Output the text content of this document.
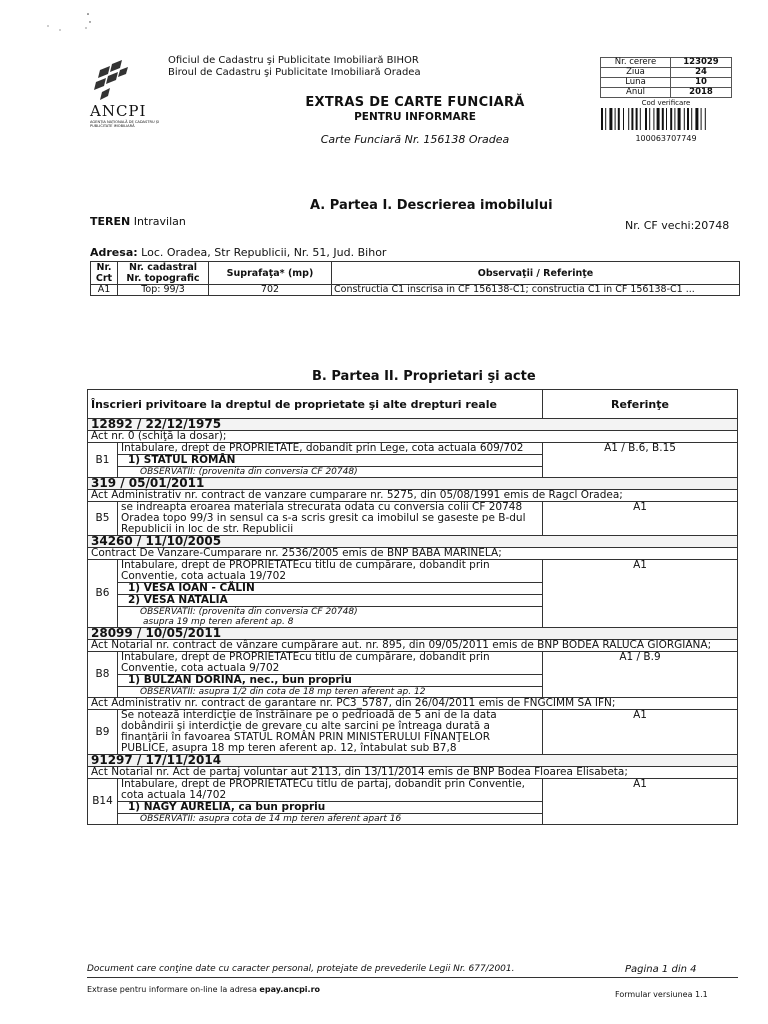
ANCPI
AGENȚIA NAȚIONALĂ DE CADASTRU ȘI PUBLICITATE IMOBILIARĂ
Oficiul de Cadastru şi Publicitate Imobiliară BIHOR
Biroul de Cadastru şi Publicitate Imobiliară Oradea
EXTRAS DE CARTE FUNCIARĂ
PENTRU INFORMARE
Carte Funciară Nr. 156138 Oradea
Nr. cerere	123029
Ziua	24
Luna	10
Anul	2018
Cod verificare
100063707749
A. Partea I. Descrierea imobilului
TEREN Intravilan	Nr. CF vechi:20748
Adresa: Loc. Oradea, Str Republicii, Nr. 51, Jud. Bihor
Nr. Crt	Nr. cadastral Nr. topografic	Suprafaţa* (mp)	Observaţii / Referinţe
A1	Top: 99/3	702	Constructia C1 inscrisa in CF 156138-C1; constructia C1 in CF 156138-C1 ...
B. Partea II. Proprietari şi acte
Înscrieri privitoare la dreptul de proprietate şi alte drepturi reale		Referinţe
12892 / 22/12/1975		
Act nr. 0 (schiţă la dosar);		
B1	Intabulare, drept de PROPRIETATE, dobandit prin Lege, cota actuala 609/702
1) STATUL ROMÂN
OBSERVATII: (provenita din conversia CF 20748)	A1 / B.6, B.15
319 / 05/01/2011		
Act Administrativ nr. contract de vanzare cumparare nr. 5275, din 05/08/1991 emis de Ragcl Oradea;		
B5	se indreapta eroarea materiala strecurata odata cu conversia colii CF 20748 Oradea topo 99/3 in sensul ca s-a scris gresit ca imobilul se gaseste pe B-dul Republicii in loc de str. Republicii	A1
34260 / 11/10/2005		
Contract De Vanzare-Cumparare nr. 2536/2005 emis de BNP BABA MARINELA;		
B6	Intabulare, drept de PROPRIETATEcu titlu de cumpărare, dobandit prin Conventie, cota actuala 19/702
1) VESA IOAN - CĂLIN
2) VESA NATALIA
OBSERVATII: (provenita din conversia CF 20748)
asupra 19 mp teren aferent ap. 8	A1
28099 / 10/05/2011		
Act Notarial nr. contract de vânzare cumpărare aut. nr. 895, din 09/05/2011 emis de BNP BODEA RALUCA GIORGIANA;		
B8	Intabulare, drept de PROPRIETATEcu titlu de cumpărare, dobandit prin Conventie, cota actuala 9/702
1) BULZAN DORINA, nec., bun propriu
OBSERVATII: asupra 1/2 din cota de 18 mp teren aferent ap. 12	A1 / B.9
Act Administrativ nr. contract de garantare nr. PC3_5787, din 26/04/2011 emis de FNGCIMM SA IFN;		
B9	Se notează interdicţie de înstrăinare pe o pedrioadă de 5 ani de la data dobândirii şi interdicţie de grevare cu alte sarcini pe întreaga durată a finanţării în favoarea STATUL ROMÂN PRIN MINISTERULUI FINANŢELOR PUBLICE, asupra 18 mp teren aferent ap. 12, întabulat sub B7,8	A1
91297 / 17/11/2014		
Act Notarial nr. Act de partaj voluntar aut 2113, din 13/11/2014 emis de BNP Bodea Floarea Elisabeta;		
B14	Intabulare, drept de PROPRIETATECu titlu de partaj, dobandit prin Conventie, cota actuala 14/702
1) NAGY AURELIA, ca bun propriu
OBSERVATII: asupra cota de 14 mp teren aferent apart 16	A1
Document care conţine date cu caracter personal, protejate de prevederile Legii Nr. 677/2001.	Pagina 1 din 4
Extrase pentru informare on-line la adresa epay.ancpi.ro
Formular versiunea 1.1
